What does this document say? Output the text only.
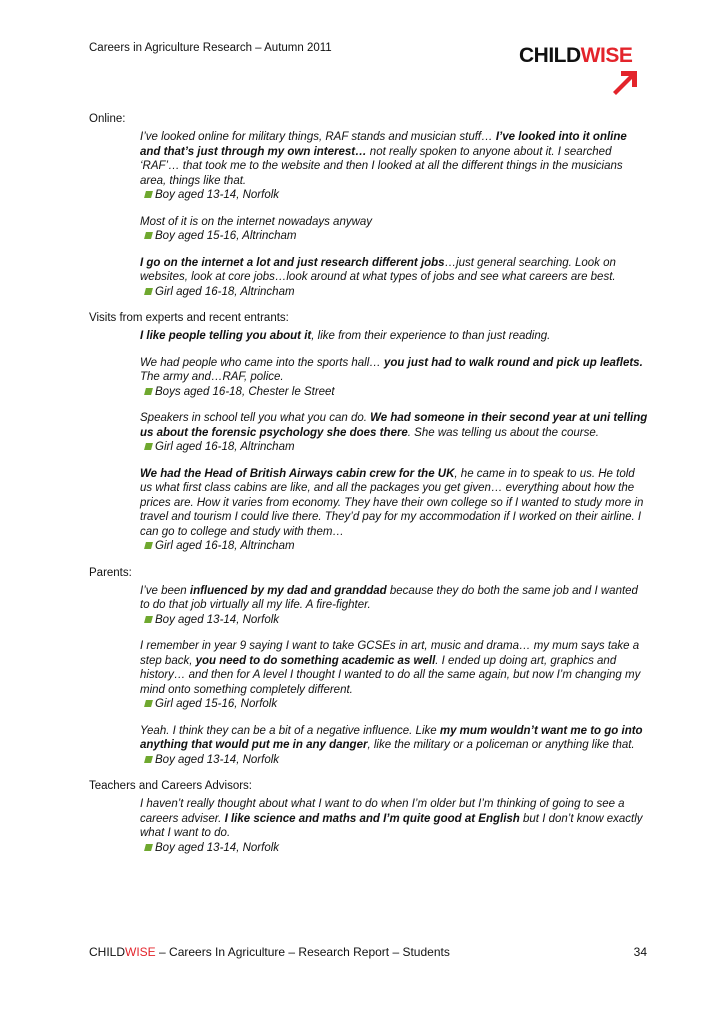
Careers in Agriculture Research – Autumn 2011	CHILDWISE
Online:
I’ve looked online for military things, RAF stands and musician stuff… I’ve looked into it online and that’s just through my own interest… not really spoken to anyone about it. I searched ‘RAF’… that took me to the website and then I looked at all the different things in the musicians area, things like that.
Boy aged 13-14, Norfolk
Most of it is on the internet nowadays anyway
Boy aged 15-16, Altrincham
I go on the internet a lot and just research different jobs…just general searching. Look on websites, look at core jobs…look around at what types of jobs and see what careers are best.
Girl aged 16-18, Altrincham
Visits from experts and recent entrants:
I like people telling you about it, like from their experience to than just reading.
We had people who came into the sports hall… you just had to walk round and pick up leaflets. The army and…RAF, police.
Boys aged 16-18, Chester le Street
Speakers in school tell you what you can do. We had someone in their second year at uni telling us about the forensic psychology she does there. She was telling us about the course.
Girl aged 16-18, Altrincham
We had the Head of British Airways cabin crew for the UK, he came in to speak to us. He told us what first class cabins are like, and all the packages you get given… everything about how the prices are. How it varies from economy. They have their own college so if I wanted to study more in travel and tourism I could live there. They’d pay for my accommodation if I worked on their airline. I can go to college and study with them…
Girl aged 16-18, Altrincham
Parents:
I’ve been influenced by my dad and granddad because they do both the same job and I wanted to do that job virtually all my life. A fire-fighter.
Boy aged 13-14, Norfolk
I remember in year 9 saying I want to take GCSEs in art, music and drama… my mum says take a step back, you need to do something academic as well. I ended up doing art, graphics and history… and then for A level I thought I wanted to do all the same again, but now I’m changing my mind onto something completely different.
Girl aged 15-16, Norfolk
Yeah. I think they can be a bit of a negative influence. Like my mum wouldn’t want me to go into anything that would put me in any danger, like the military or a policeman or anything like that.
Boy aged 13-14, Norfolk
Teachers and Careers Advisors:
I haven’t really thought about what I want to do when I’m older but I’m thinking of going to see a careers adviser. I like science and maths and I’m quite good at English but I don’t know exactly what I want to do.
Boy aged 13-14, Norfolk
CHILDWISE – Careers In Agriculture – Research Report – Students	34
